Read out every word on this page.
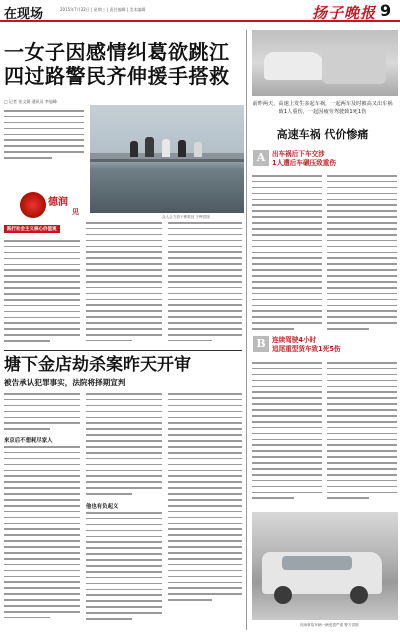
在现场	2015年7月22日 | 星期三 | 责任编辑 | 美术编辑	扬子晚报 9
一女子因感情纠葛欲跳江
四过路警民齐伸援手搭救
□ 记者 张文娟 通讯员 李旭峰
德润
见
践行社会主义核心价值观
众人合力将于桦救回 于桦供图
塘下金店劫杀案昨天开审
被告承认犯罪事实，法院将择期宣判
来京后不想耗尽家人
他也有负起义
前昨两天，高速上发生多起车祸，一起两车及时被高又出车祸致1人重伤，一起因疲劳驾驶致1死1伤
高速车祸 代价惨痛
A	出车祸后下车交涉
1人遭后车碾压致重伤
B 连续驾驶4小时
追尾重型货车致1死5伤
现场事故车辆一辆受损严重 警方供图
